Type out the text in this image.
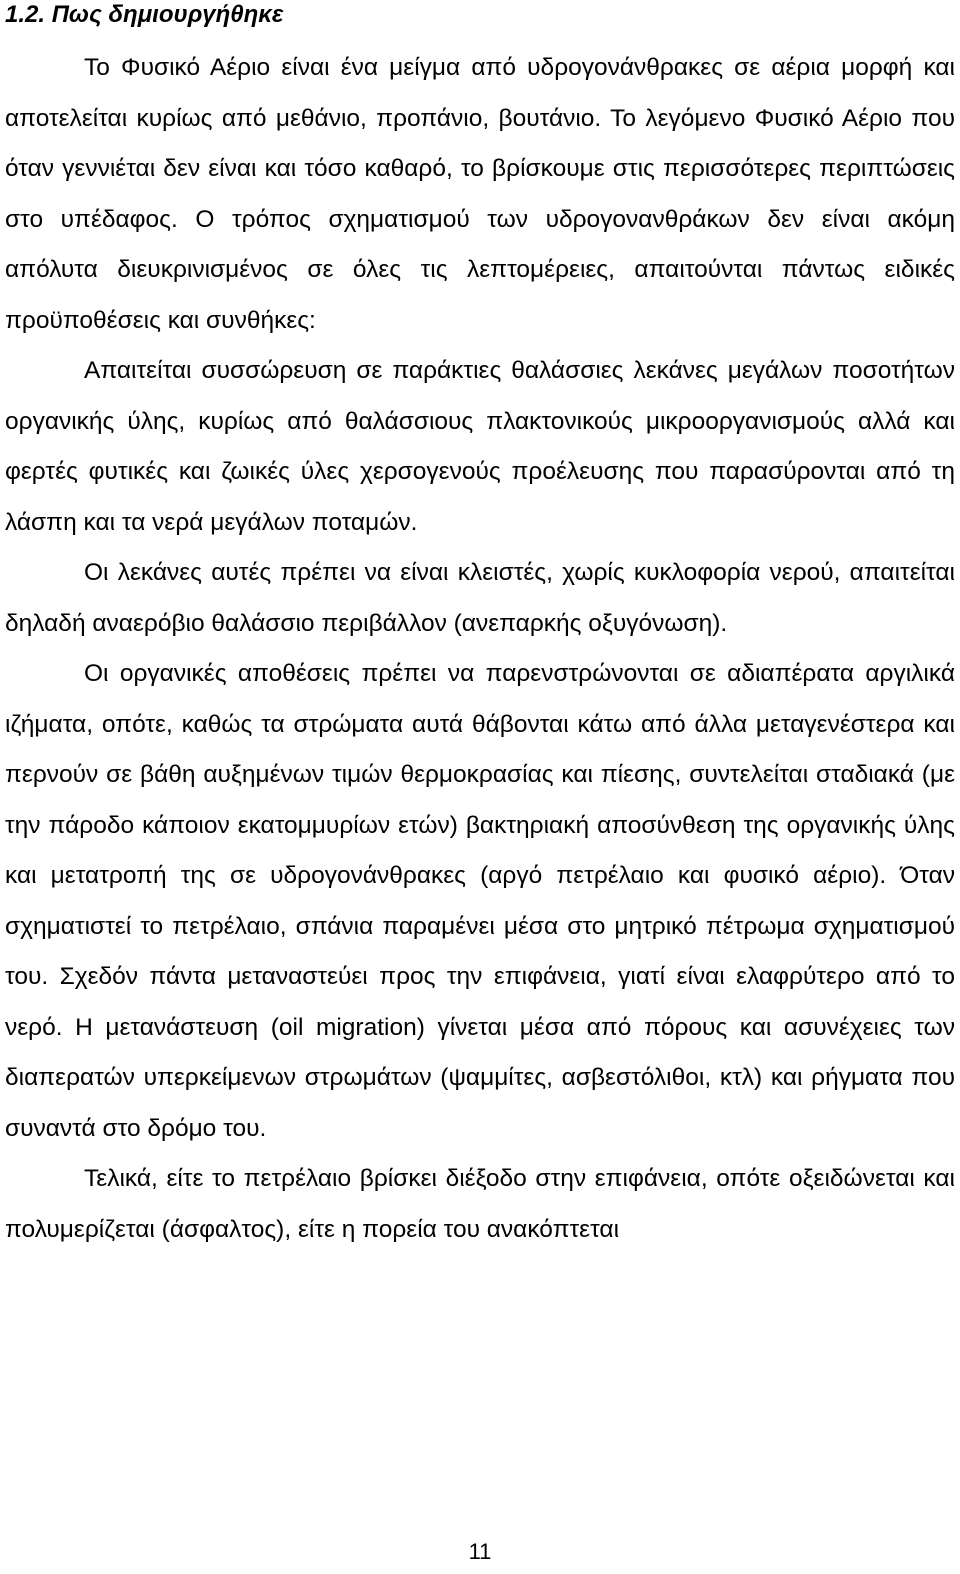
1.2. Πως δημιουργήθηκε

Το Φυσικό Αέριο είναι ένα μείγμα από υδρογονάνθρακες σε αέρια μορφή και αποτελείται κυρίως από μεθάνιο, προπάνιο, βουτάνιο. Το λεγόμενο Φυσικό Αέριο που όταν γεννιέται δεν είναι και τόσο καθαρό, το βρίσκουμε στις περισσότερες περιπτώσεις στο υπέδαφος. Ο τρόπος σχηματισμού των υδρογονανθράκων δεν είναι ακόμη απόλυτα διευκρινισμένος σε όλες τις λεπτομέρειες, απαιτούνται πάντως ειδικές προϋποθέσεις και συνθήκες:

Απαιτείται συσσώρευση σε παράκτιες θαλάσσιες λεκάνες μεγάλων ποσοτήτων οργανικής ύλης, κυρίως από θαλάσσιους πλακτονικούς μικροοργανισμούς αλλά και φερτές φυτικές και ζωικές ύλες χερσογενούς προέλευσης που παρασύρονται από τη λάσπη και τα νερά μεγάλων ποταμών.

Οι λεκάνες αυτές πρέπει να είναι κλειστές, χωρίς κυκλοφορία νερού, απαιτείται δηλαδή αναερόβιο θαλάσσιο περιβάλλον (ανεπαρκής οξυγόνωση).

Οι οργανικές αποθέσεις πρέπει να παρενστρώνονται σε αδιαπέρατα αργιλικά ιζήματα, οπότε, καθώς τα στρώματα αυτά θάβονται κάτω από άλλα μεταγενέστερα και περνούν σε βάθη αυξημένων τιμών θερμοκρασίας και πίεσης, συντελείται σταδιακά (με την πάροδο κάποιον εκατομμυρίων ετών) βακτηριακή αποσύνθεση της οργανικής ύλης και μετατροπή της σε υδρογονάνθρακες (αργό πετρέλαιο και φυσικό αέριο). Όταν σχηματιστεί το πετρέλαιο, σπάνια παραμένει μέσα στο μητρικό πέτρωμα σχηματισμού του. Σχεδόν πάντα μεταναστεύει προς την επιφάνεια, γιατί είναι ελαφρύτερο από το νερό. Η μετανάστευση (oil migration) γίνεται μέσα από πόρους και ασυνέχειες των διαπερατών υπερκείμενων στρωμάτων (ψαμμίτες, ασβεστόλιθοι, κτλ) και ρήγματα που συναντά στο δρόμο του.

Τελικά, είτε το πετρέλαιο βρίσκει διέξοδο στην επιφάνεια, οπότε οξειδώνεται και πολυμερίζεται (άσφαλτος), είτε η πορεία του ανακόπτεται

11
